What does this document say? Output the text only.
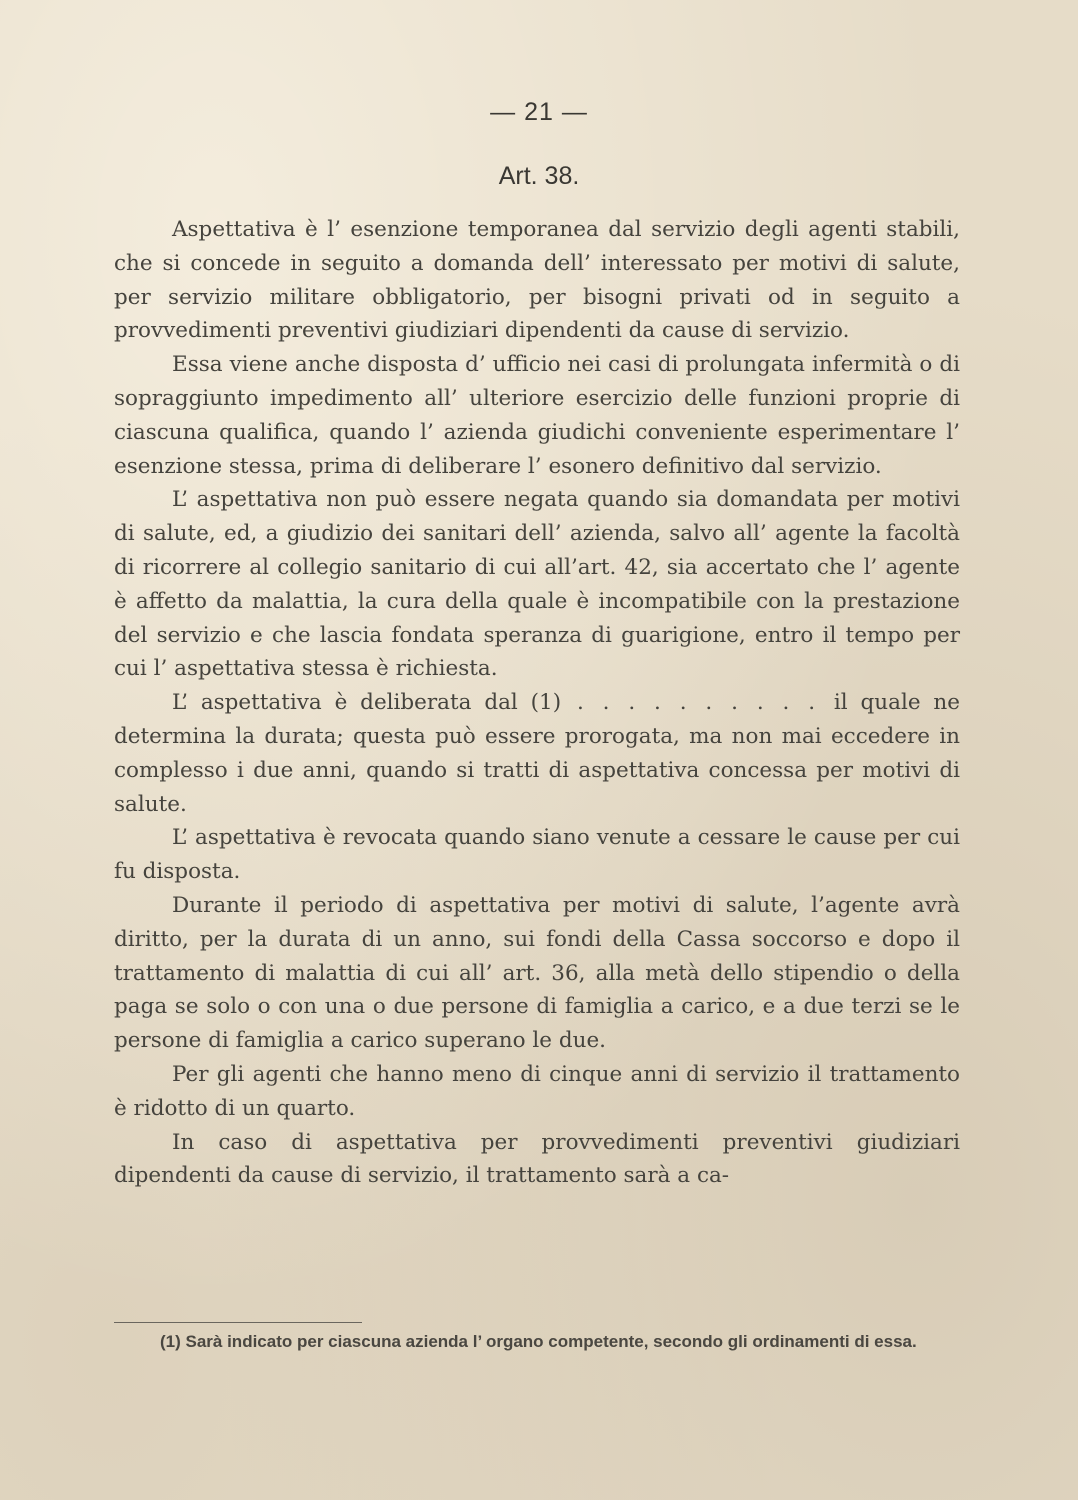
— 21 —
Art. 38.

Aspettativa è l’ esenzione temporanea dal servizio degli agenti stabili, che si concede in seguito a domanda dell’ interessato per motivi di salute, per servizio militare obbligatorio, per bisogni privati od in seguito a provvedimenti preventivi giudiziari dipendenti da cause di servizio.

Essa viene anche disposta d’ ufficio nei casi di prolungata infermità o di sopraggiunto impedimento all’ ulteriore esercizio delle funzioni proprie di ciascuna qualifica, quando l’ azienda giudichi conveniente esperimentare l’ esenzione stessa, prima di deliberare l’ esonero definitivo dal servizio.

L’ aspettativa non può essere negata quando sia domandata per motivi di salute, ed, a giudizio dei sanitari dell’ azienda, salvo all’ agente la facoltà di ricorrere al collegio sanitario di cui all’art. 42, sia accertato che l’ agente è affetto da malattia, la cura della quale è incompatibile con la prestazione del servizio e che lascia fondata speranza di guarigione, entro il tempo per cui l’ aspettativa stessa è richiesta.

L’ aspettativa è deliberata dal (1) . . . . . . . . . . il quale ne determina la durata; questa può essere prorogata, ma non mai eccedere in complesso i due anni, quando si tratti di aspettativa concessa per motivi di salute.

L’ aspettativa è revocata quando siano venute a cessare le cause per cui fu disposta.

Durante il periodo di aspettativa per motivi di salute, l’agente avrà diritto, per la durata di un anno, sui fondi della Cassa soccorso e dopo il trattamento di malattia di cui all’ art. 36, alla metà dello stipendio o della paga se solo o con una o due persone di famiglia a carico, e a due terzi se le persone di famiglia a carico superano le due.

Per gli agenti che hanno meno di cinque anni di servizio il trattamento è ridotto di un quarto.

In caso di aspettativa per provvedimenti preventivi giudiziari dipendenti da cause di servizio, il trattamento sarà a ca-

(1) Sarà indicato per ciascuna azienda l’ organo competente, secondo gli ordinamenti di essa.
